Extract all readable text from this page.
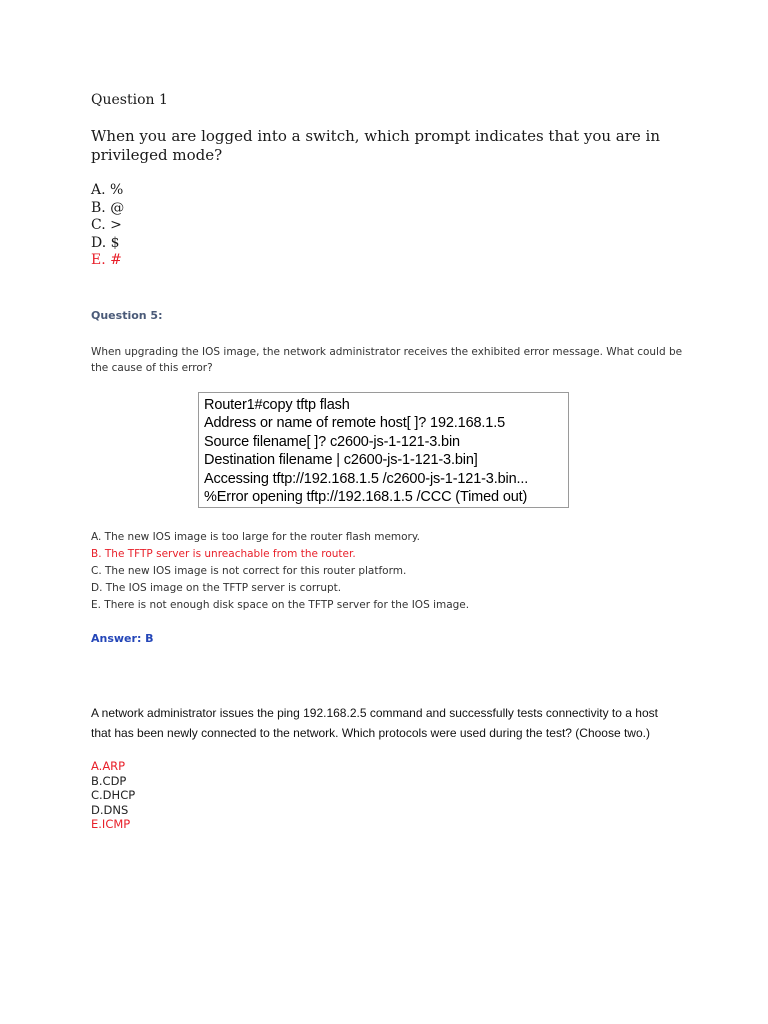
Question 1
When you are logged into a switch, which prompt indicates that you are in privileged mode?
A. %
B. @
C. >
D. $
E. #
Question 5:
When upgrading the IOS image, the network administrator receives the exhibited error message. What could be the cause of this error?
Router1#copy tftp flash
Address or name of remote host[ ]? 192.168.1.5
Source filename[ ]? c2600-js-1-121-3.bin
Destination filename | c2600-js-1-121-3.bin]
Accessing tftp://192.168.1.5 /c2600-js-1-121-3.bin...
%Error opening tftp://192.168.1.5 /CCC (Timed out)
A. The new IOS image is too large for the router flash memory.
B. The TFTP server is unreachable from the router.
C. The new IOS image is not correct for this router platform.
D. The IOS image on the TFTP server is corrupt.
E. There is not enough disk space on the TFTP server for the IOS image.
Answer: B
A network administrator issues the ping 192.168.2.5 command and successfully tests connectivity to a host that has been newly connected to the network. Which protocols were used during the test? (Choose two.)
A.ARP
B.CDP
C.DHCP
D.DNS
E.ICMP
